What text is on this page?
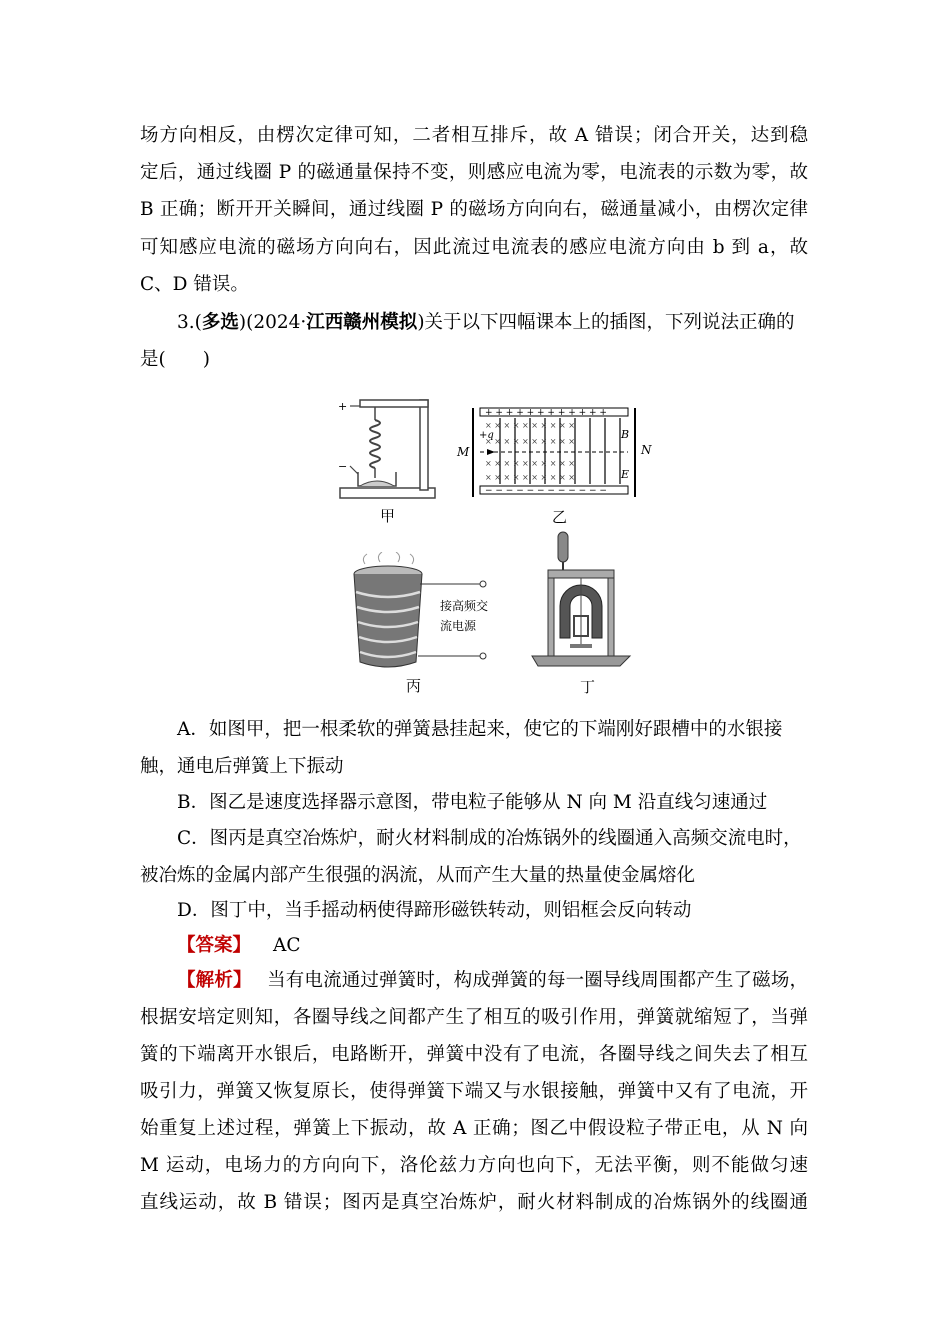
场方向相反，由楞次定律可知，二者相互排斥，故 A 错误；闭合开关，达到稳
定后，通过线圈 P 的磁通量保持不变，则感应电流为零，电流表的示数为零，故
B 正确；断开开关瞬间，通过线圈 P 的磁场方向向右，磁通量减小，由楞次定律
可知感应电流的磁场方向向右，因此流过电流表的感应电流方向由 b 到 a，故
C、D 错误。
3.(多选)(2024·江西赣州模拟)关于以下四幅课本上的插图，下列说法正确的
是(　　)
+
−
甲
+ + + + + + + + + + + +
− − − − − − − − − − − −
× × × × × × × × × ×
× × × × × × × × × ×
× × × × × × × × × ×
× × × × × × × × × ×
M	N
+q	B
E
乙
接高频交
流电源
丙	丁
A．如图甲，把一根柔软的弹簧悬挂起来，使它的下端刚好跟槽中的水银接
触，通电后弹簧上下振动
B．图乙是速度选择器示意图，带电粒子能够从 N 向 M 沿直线匀速通过
C．图丙是真空冶炼炉，耐火材料制成的冶炼锅外的线圈通入高频交流电时，
被冶炼的金属内部产生很强的涡流，从而产生大量的热量使金属熔化
D．图丁中，当手摇动柄使得蹄形磁铁转动，则铝框会反向转动
【答案】 AC
【解析】　 当有电流通过弹簧时，构成弹簧的每一圈导线周围都产生了磁场，
根据安培定则知，各圈导线之间都产生了相互的吸引作用，弹簧就缩短了，当弹
簧的下端离开水银后，电路断开，弹簧中没有了电流，各圈导线之间失去了相互
吸引力，弹簧又恢复原长，使得弹簧下端又与水银接触，弹簧中又有了电流，开
始重复上述过程，弹簧上下振动，故 A 正确；图乙中假设粒子带正电，从 N 向
M 运动，电场力的方向向下，洛伦兹力方向也向下，无法平衡，则不能做匀速
直线运动，故 B 错误；图丙是真空冶炼炉，耐火材料制成的冶炼锅外的线圈通
